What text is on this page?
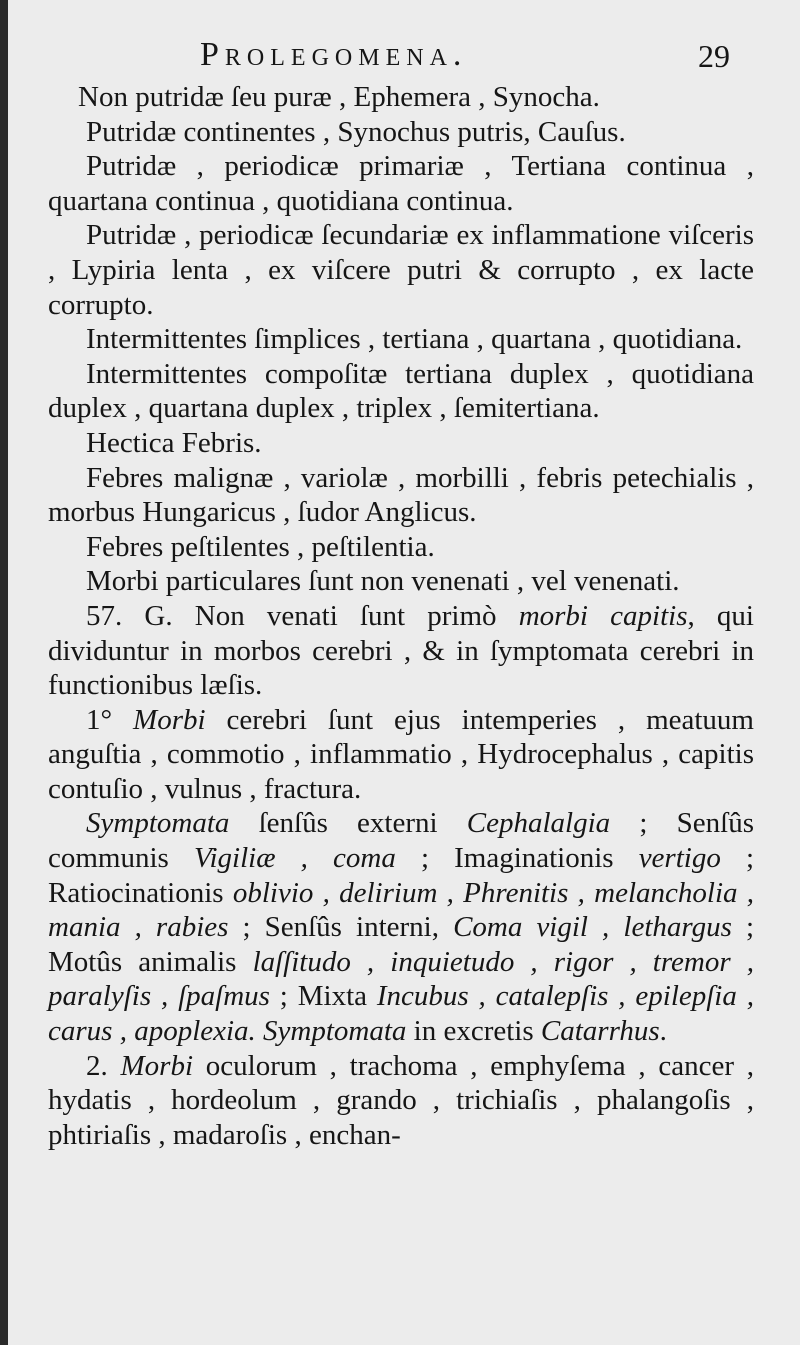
Prolegomena.	29

Non putridæ ſeu puræ , Ephemera , Synocha.

Putridæ continentes , Synochus putris, Cauſus.

Putridæ , periodicæ primariæ , Tertiana continua , quartana continua , quotidiana continua.

Putridæ , periodicæ ſecundariæ ex inflammatione viſceris , Lypiria lenta , ex viſcere putri & corrupto , ex lacte corrupto.

Intermittentes ſimplices , tertiana , quartana , quotidiana.

Intermittentes compoſitæ tertiana duplex , quotidiana duplex , quartana duplex , triplex , ſemitertiana.

Hectica Febris.

Febres malignæ , variolæ , morbilli , febris petechialis , morbus Hungaricus , ſudor Anglicus.

Febres peſtilentes , peſtilentia.

Morbi particulares ſunt non venenati , vel venenati.

57. G. Non venati ſunt primò morbi capitis, qui dividuntur in morbos cerebri , & in ſymptomata cerebri in functionibus læſis.

1° Morbi cerebri ſunt ejus intemperies , meatuum anguſtia , commotio , inflammatio , Hydrocephalus , capitis contuſio , vulnus , fractura.

Symptomata ſenſûs externi Cephalalgia ; Senſûs communis Vigiliæ , coma ; Imaginationis vertigo ; Ratiocinationis oblivio , delirium , Phrenitis , melancholia , mania , rabies ; Senſûs interni, Coma vigil , lethargus ; Motûs animalis laſſitudo , inquietudo , rigor , tremor , paralyſis , ſpaſmus ; Mixta Incubus , catalepſis , epilepſia , carus , apoplexia. Symptomata in excretis Catarrhus.

2. Morbi oculorum , trachoma , emphyſema , cancer , hydatis , hordeolum , grando , trichiaſis , phalangoſis , phtiriaſis , madaroſis , enchan-
